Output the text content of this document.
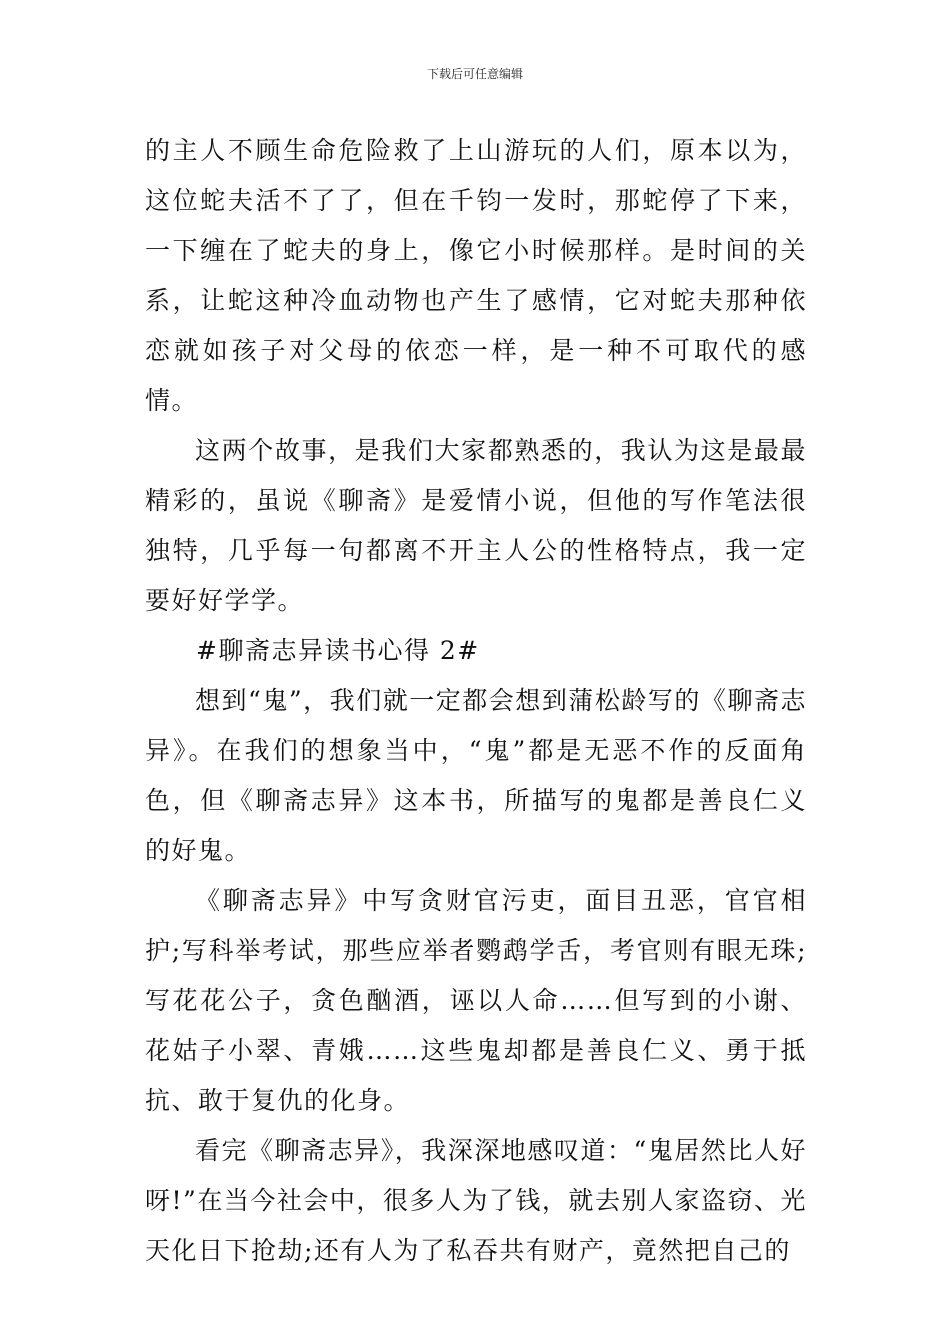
下载后可任意编辑

的主人不顾生命危险救了上山游玩的人们，原本以为，这位蛇夫活不了了，但在千钧一发时，那蛇停了下来，一下缠在了蛇夫的身上，像它小时候那样。是时间的关系，让蛇这种冷血动物也产生了感情，它对蛇夫那种依恋就如孩子对父母的依恋一样，是一种不可取代的感情。

这两个故事，是我们大家都熟悉的，我认为这是最最精彩的，虽说《聊斋》是爱情小说，但他的写作笔法很独特，几乎每一句都离不开主人公的性格特点，我一定要好好学学。

#聊斋志异读书心得 2#

想到“鬼”，我们就一定都会想到蒲松龄写的《聊斋志异》。在我们的想象当中，“鬼”都是无恶不作的反面角色，但《聊斋志异》这本书，所描写的鬼都是善良仁义的好鬼。

《聊斋志异》中写贪财官污吏，面目丑恶，官官相护;写科举考试，那些应举者鹦鹉学舌，考官则有眼无珠;写花花公子，贪色酗酒，诬以人命……但写到的小谢、花姑子小翠、青娥……这些鬼却都是善良仁义、勇于抵抗、敢于复仇的化身。

看完《聊斋志异》，我深深地感叹道：“鬼居然比人好呀!”在当今社会中，很多人为了钱，就去别人家盗窃、光天化日下抢劫;还有人为了私吞共有财产，竟然把自己的
